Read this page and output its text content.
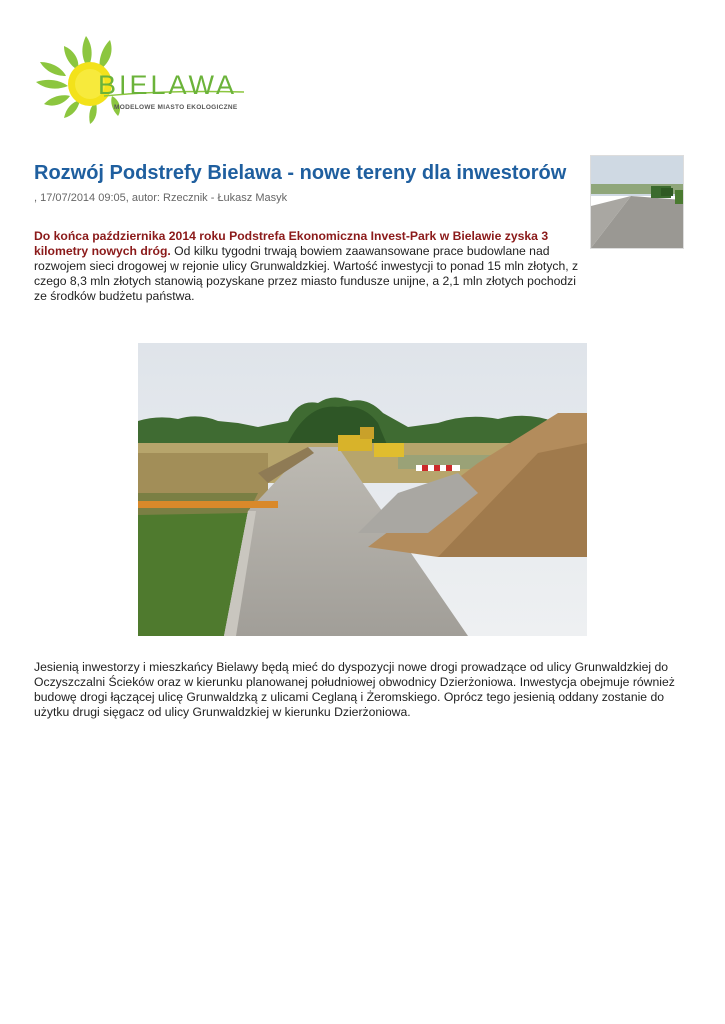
BIELAWA
MODELOWE MIASTO EKOLOGICZNE
Rozwój Podstrefy Bielawa - nowe tereny dla inwestorów
, 17/07/2014 09:05, autor: Rzecznik - Łukasz Masyk
Do końca października 2014 roku Podstrefa Ekonomiczna Invest-Park w Bielawie zyska 3 kilometry nowych dróg. Od kilku tygodni trwają bowiem zaawansowane prace budowlane nad rozwojem sieci drogowej w rejonie ulicy Grunwaldzkiej. Wartość inwestycji to ponad 15 mln złotych, z czego 8,3 mln złotych stanowią pozyskane przez miasto fundusze unijne, a 2,1 mln złotych pochodzi ze środków budżetu państwa.
Jesienią inwestorzy i mieszkańcy Bielawy będą mieć do dyspozycji nowe drogi prowadzące od ulicy Grunwaldzkiej do Oczyszczalni Ścieków oraz w kierunku planowanej południowej obwodnicy Dzierżoniowa. Inwestycja obejmuje również budowę drogi łączącej ulicę Grunwaldzką z ulicami Ceglaną i Żeromskiego. Oprócz tego jesienią oddany zostanie do użytku drugi sięgacz od ulicy Grunwaldzkiej w kierunku Dzierżoniowa.
